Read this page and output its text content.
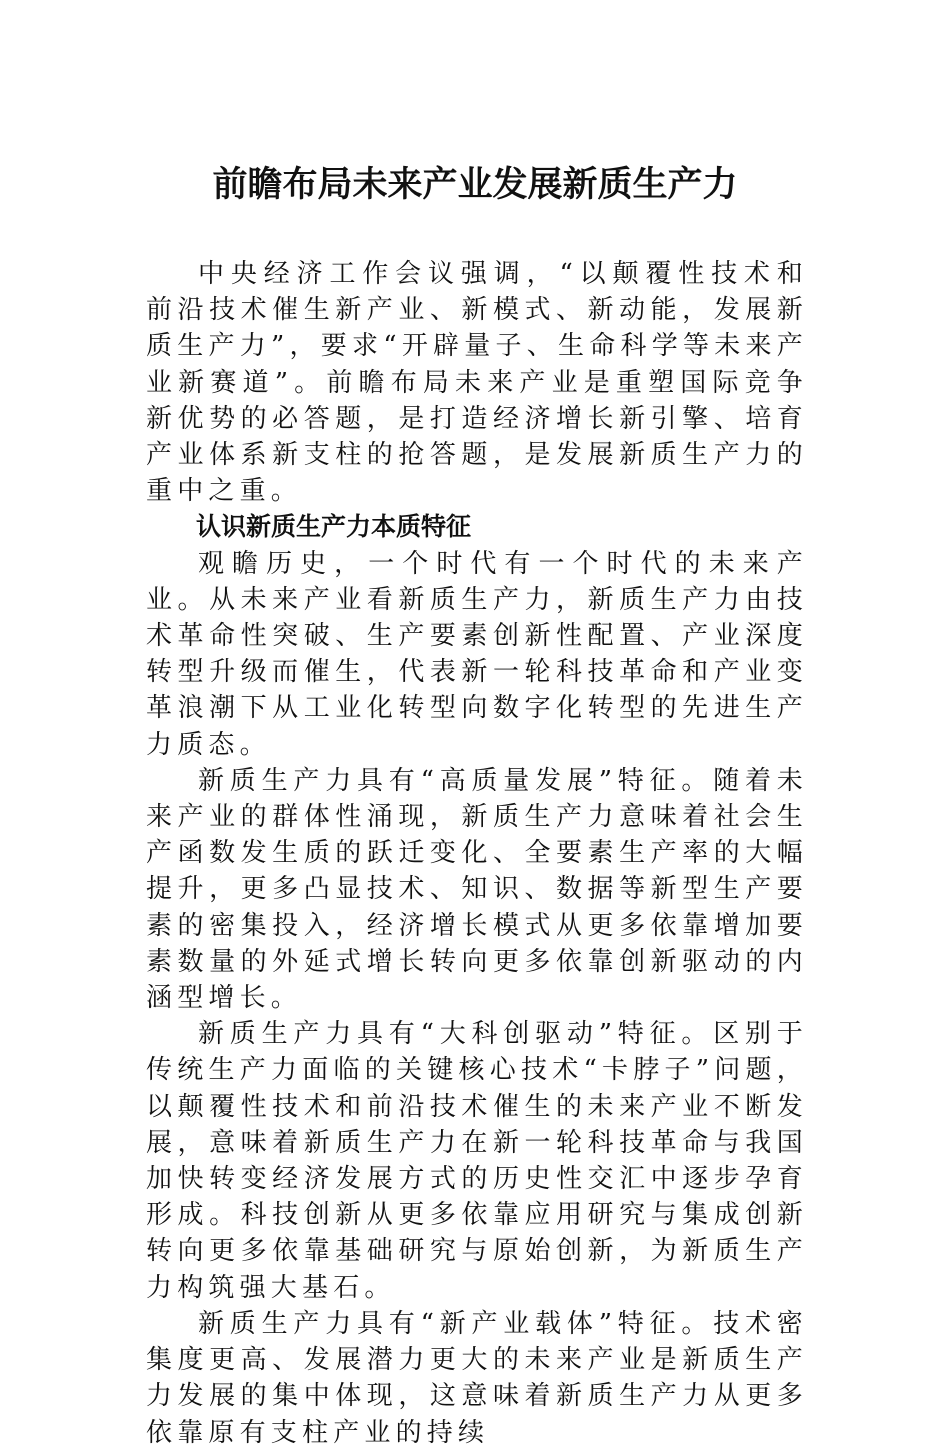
前瞻布局未来产业发展新质生产力

中央经济工作会议强调，“以颠覆性技术和前沿技术催生新产业、新模式、新动能，发展新质生产力”，要求“开辟量子、生命科学等未来产业新赛道”。前瞻布局未来产业是重塑国际竞争新优势的必答题，是打造经济增长新引擎、培育产业体系新支柱的抢答题，是发展新质生产力的重中之重。

认识新质生产力本质特征

观瞻历史，一个时代有一个时代的未来产业。从未来产业看新质生产力，新质生产力由技术革命性突破、生产要素创新性配置、产业深度转型升级而催生，代表新一轮科技革命和产业变革浪潮下从工业化转型向数字化转型的先进生产力质态。

新质生产力具有“高质量发展”特征。随着未来产业的群体性涌现，新质生产力意味着社会生产函数发生质的跃迁变化、全要素生产率的大幅提升，更多凸显技术、知识、数据等新型生产要素的密集投入，经济增长模式从更多依靠增加要素数量的外延式增长转向更多依靠创新驱动的内涵型增长。

新质生产力具有“大科创驱动”特征。区别于传统生产力面临的关键核心技术“卡脖子”问题，以颠覆性技术和前沿技术催生的未来产业不断发展，意味着新质生产力在新一轮科技革命与我国加快转变经济发展方式的历史性交汇中逐步孕育形成。科技创新从更多依靠应用研究与集成创新转向更多依靠基础研究与原始创新，为新质生产力构筑强大基石。

新质生产力具有“新产业载体”特征。技术密集度更高、发展潜力更大的未来产业是新质生产力发展的集中体现，这意味着新质生产力从更多依靠原有支柱产业的持续
